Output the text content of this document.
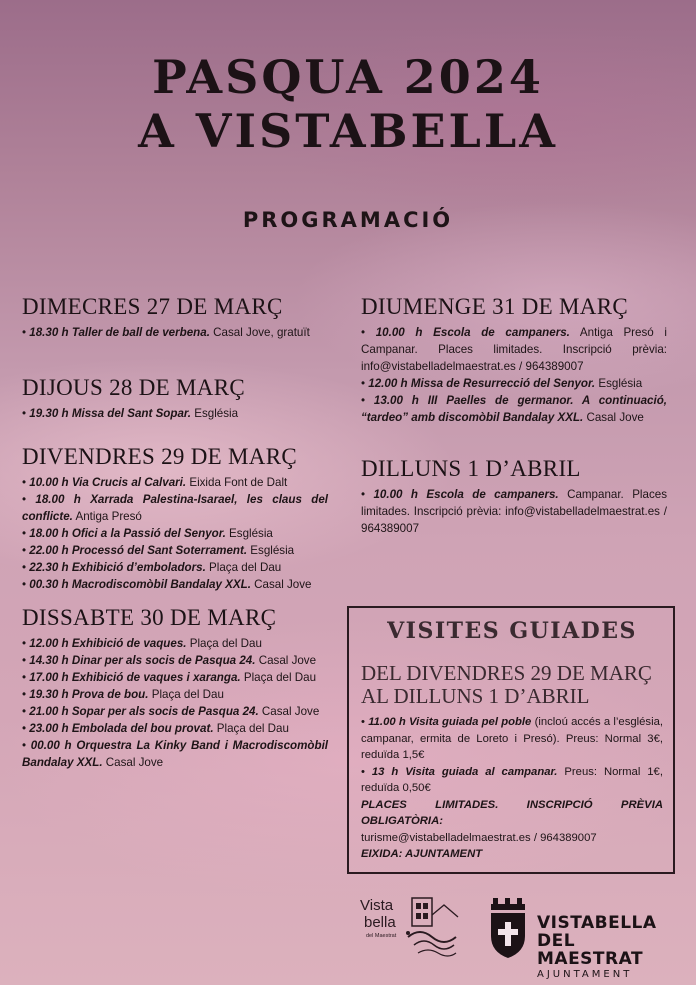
PASQUA 2024
A VISTABELLA
PROGRAMACIÓ
DIMECRES 27 DE MARÇ
• 18.30 h Taller de ball de verbena. Casal Jove, gratuït
DIJOUS 28 DE MARÇ
• 19.30 h Missa del Sant Sopar. Església
DIVENDRES 29 DE MARÇ
• 10.00 h Via Crucis al Calvari. Eixida Font de Dalt
• 18.00 h Xarrada Palestina-Isarael, les claus del conflicte. Antiga Presó
• 18.00 h Ofici a la Passió del Senyor. Església
• 22.00 h Processó del Sant Soterrament. Església
• 22.30 h Exhibició d’emboladors. Plaça del Dau
• 00.30 h Macrodiscomòbil Bandalay XXL. Casal Jove
DISSABTE 30 DE MARÇ
• 12.00 h Exhibició de vaques. Plaça del Dau
• 14.30 h Dinar per als socis de Pasqua 24. Casal Jove
• 17.00 h Exhibició de vaques i xaranga. Plaça del Dau
• 19.30 h Prova de bou. Plaça del Dau
• 21.00 h Sopar per als socis de Pasqua 24. Casal Jove
• 23.00 h Embolada del bou provat. Plaça del Dau
• 00.00 h Orquestra La Kinky Band i Macrodiscomòbil Bandalay XXL. Casal Jove
DIUMENGE 31 DE MARÇ
• 10.00 h Escola de campaners. Antiga Presó i Campanar. Places limitades. Inscripció prèvia: info@vistabelladelmaestrat.es / 964389007
• 12.00 h Missa de Resurrecció del Senyor. Església
• 13.00 h III Paelles de germanor. A continuació, “tardeo” amb discomòbil Bandalay XXL. Casal Jove
DILLUNS 1 D’ABRIL
• 10.00 h Escola de campaners. Campanar. Places limitades. Inscripció prèvia: info@vistabelladelmaestrat.es / 964389007
VISITES GUIADES
DEL DIVENDRES 29 DE MARÇ AL DILLUNS 1 D’ABRIL
• 11.00 h Visita guiada pel poble (incloú accés a l’església, campanar, ermita de Loreto i Presó). Preus: Normal 3€, reduïda 1,5€
• 13 h Visita guiada al campanar. Preus: Normal 1€, reduïda 0,50€
PLACES LIMITADES. INSCRIPCIÓ PRÈVIA OBLIGATÒRIA:
turisme@vistabelladelmaestrat.es / 964389007
EIXIDA: AJUNTAMENT
Vista
bella
del Maestrat
VISTABELLA
DEL MAESTRAT
AJUNTAMENT
